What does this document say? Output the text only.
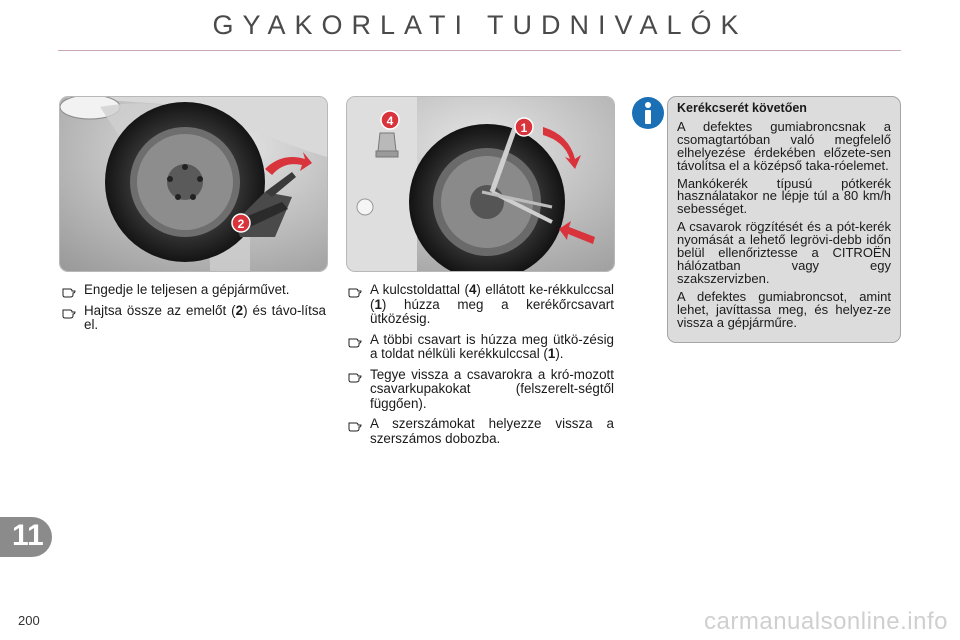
GYAKORLATI TUDNIVALÓK
2
4	1
Engedje le teljesen a gépjárművet.
Hajtsa össze az emelőt (2) és távo-lítsa el.
A kulcstoldattal (4) ellátott ke-rékkulccsal (1) húzza meg a kerékőrcsavart ütközésig.
A többi csavart is húzza meg ütkö-zésig a toldat nélküli kerékkulccsal (1).
Tegye vissza a csavarokra a kró-mozott csavarkupakokat (felszerelt-ségtől függően).
A szerszámokat helyezze vissza a szerszámos dobozba.
Kerékcserét követően

A defektes gumiabroncsnak a csomagtartóban való megfelelő elhelyezése érdekében előzete-sen távolítsa el a középső taka-róelemet.

Mankókerék típusú pótkerék használatakor ne lépje túl a 80 km/h sebességet.

A csavarok rögzítését és a pót-kerék nyomását a lehető legrövi-debb időn belül ellenőriztesse a CITROËN hálózatban vagy egy szakszervizben.

A defektes gumiabroncsot, amint lehet, javíttassa meg, és helyez-ze vissza a gépjárműre.

11
200	carmanualsonline.info
